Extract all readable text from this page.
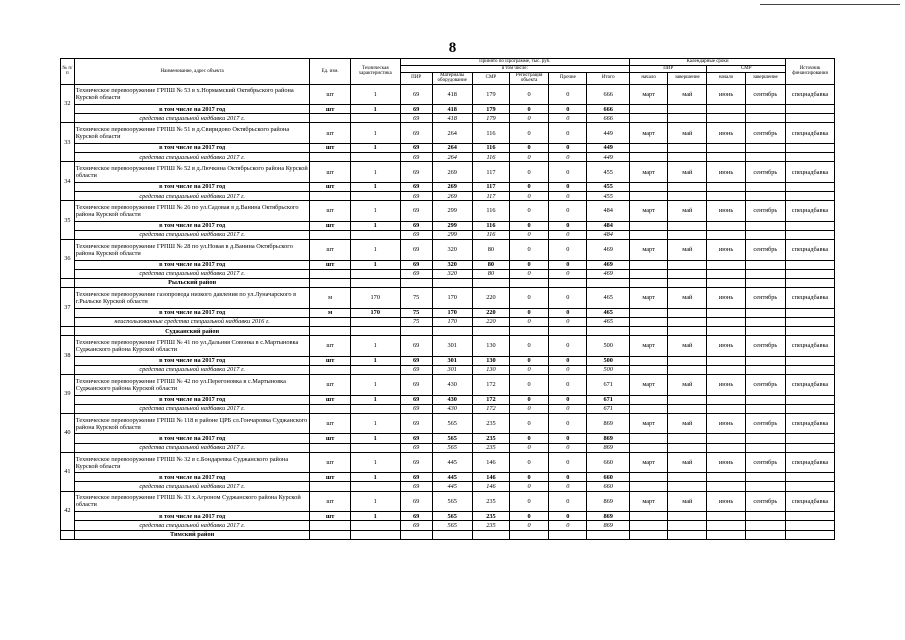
8
№ п/п	Наименование, адрес объекта	Ед. изм.	Техническая характеристика	Принято по Программе, тыс. руб.						Календарные сроки				Источник финансирования
				в том числе:						ПИР		СМР		
				ПИР	Материалы оборудование	СМР	Регистрация объекта	Прочие	Итого	начало	завершение	начало	завершение	
32	Техническое перевооружение ГРПШ № 53 в х.Нормамский Октябрьского района Курской области	шт	1	69	418	179	0	0	666	март	май	июнь	сентябрь	спецнадбавка
	в том числе на 2017 год	шт	1	69	418	179	0	0	666					
	средства специальной надбавки 2017 г.			69	418	179	0	0	666					
33	Техническое перевооружение ГРПШ № 51 в д.Свиридово Октябрьского района Курской области	шт	1	69	264	116	0	0	449	март	май	июнь	сентябрь	спецнадбавка
	в том числе на 2017 год	шт	1	69	264	116	0	0	449					
	средства специальной надбавки 2017 г.			69	264	116	0	0	449					
34	Техническое перевооружение ГРПШ № 52 в д.Лючкина Октябрьского района Курской области	шт	1	69	269	117	0	0	455	март	май	июнь	сентябрь	спецнадбавка
	в том числе на 2017 год	шт	1	69	269	117	0	0	455					
	средства специальной надбавки 2017 г.			69	269	117	0	0	455					
35	Техническое перевооружение ГРПШ № 26 по ул.Садовая в д.Ванина Октябрьского района Курской области	шт	1	69	299	116	0	0	484	март	май	июнь	сентябрь	спецнадбавка
	в том числе на 2017 год	шт	1	69	299	116	0	0	484					
	средства специальной надбавки 2017 г.			69	299	116	0	0	484					
36	Техническое перевооружение ГРПШ № 28 по ул.Новая в д.Ванина Октябрьского района Курской области	шт	1	69	320	80	0	0	469	март	май	июнь	сентябрь	спецнадбавка
	в том числе на 2017 год	шт	1	69	320	80	0	0	469					
	средства специальной надбавки 2017 г.			69	320	80	0	0	469					
	Рыльский район													
37	Техническое перевооружение газопровода низкого давления по ул.Луначарского в г.Рыльске Курской области	м	170	75	170	220	0	0	465	март	май	июнь	сентябрь	спецнадбавка
	в том числе на 2017 год	м	170	75	170	220	0	0	465					
	неиспользованные средства специальной надбавки 2016 г.			75	170	220	0	0	465					
	Суджанский район													
38	Техническое перевооружение ГРПШ № 41 по ул.Дальняя Совонка в с.Мартыновка Суджанского района Курской области	шт	1	69	301	130	0	0	500	март	май	июнь	сентябрь	спецнадбавка
	в том числе на 2017 год	шт	1	69	301	130	0	0	500					
	средства специальной надбавки 2017 г.			69	301	130	0	0	500					
39	Техническое перевооружение ГРПШ № 42 по ул.Перегоновка в с.Мартыновка Суджанского района Курской области	шт	1	69	430	172	0	0	671	март	май	июнь	сентябрь	спецнадбавка
	в том числе на 2017 год	шт	1	69	430	172	0	0	671					
	средства специальной надбавки 2017 г.			69	430	172	0	0	671					
40	Техническое перевооружение ГРПШ № 118 в районе ЦРБ сл.Гончаровка Суджанского района Курской области	шт	1	69	565	235	0	0	869	март	май	июнь	сентябрь	спецнадбавка
	в том числе на 2017 год	шт	1	69	565	235	0	0	869					
	средства специальной надбавки 2017 г.			69	565	235	0	0	869					
41	Техническое перевооружение ГРПШ № 32 в с.Бондаревка Суджанского района Курской области	шт	1	69	445	146	0	0	660	март	май	июнь	сентябрь	спецнадбавка
	в том числе на 2017 год	шт	1	69	445	146	0	0	660					
	средства специальной надбавки 2017 г.			69	445	146	0	0	660					
42	Техническое перевооружение ГРПШ № 33 х.Агроном Суджанского района Курской области	шт	1	69	565	235	0	0	869	март	май	июнь	сентябрь	спецнадбавка
	в том числе на 2017 год	шт	1	69	565	235	0	0	869					
	средства специальной надбавки 2017 г.			69	565	235	0	0	869					
	Тимский район													
